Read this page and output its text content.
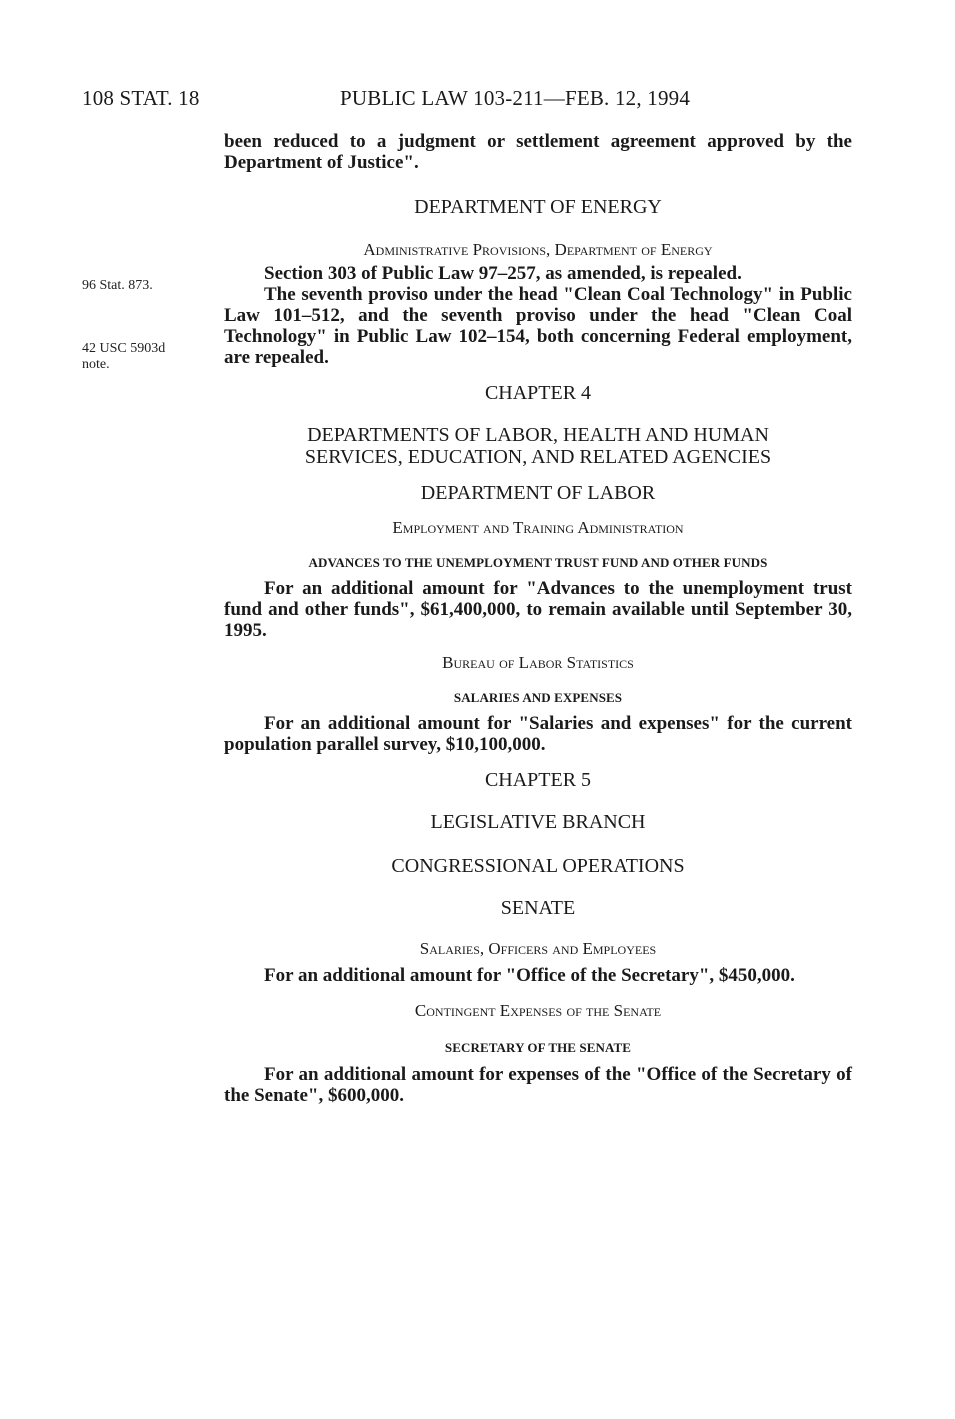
108 STAT. 18	PUBLIC LAW 103-211—FEB. 12, 1994
96 Stat. 873.
42 USC 5903d
note.

been reduced to a judgment or settlement agreement approved by the Department of Justice".

DEPARTMENT OF ENERGY

Administrative Provisions, Department of Energy

Section 303 of Public Law 97–257, as amended, is repealed.

The seventh proviso under the head "Clean Coal Technology" in Public Law 101–512, and the seventh proviso under the head "Clean Coal Technology" in Public Law 102–154, both concerning Federal employment, are repealed.

CHAPTER 4

DEPARTMENTS OF LABOR, HEALTH AND HUMAN

SERVICES, EDUCATION, AND RELATED AGENCIES

DEPARTMENT OF LABOR

Employment and Training Administration

ADVANCES TO THE UNEMPLOYMENT TRUST FUND AND OTHER FUNDS

For an additional amount for "Advances to the unemployment trust fund and other funds", $61,400,000, to remain available until September 30, 1995.

Bureau of Labor Statistics

SALARIES AND EXPENSES

For an additional amount for "Salaries and expenses" for the current population parallel survey, $10,100,000.

CHAPTER 5

LEGISLATIVE BRANCH

CONGRESSIONAL OPERATIONS

SENATE

Salaries, Officers and Employees

For an additional amount for "Office of the Secretary", $450,000.

Contingent Expenses of the Senate

SECRETARY OF THE SENATE

For an additional amount for expenses of the "Office of the Secretary of the Senate", $600,000.
